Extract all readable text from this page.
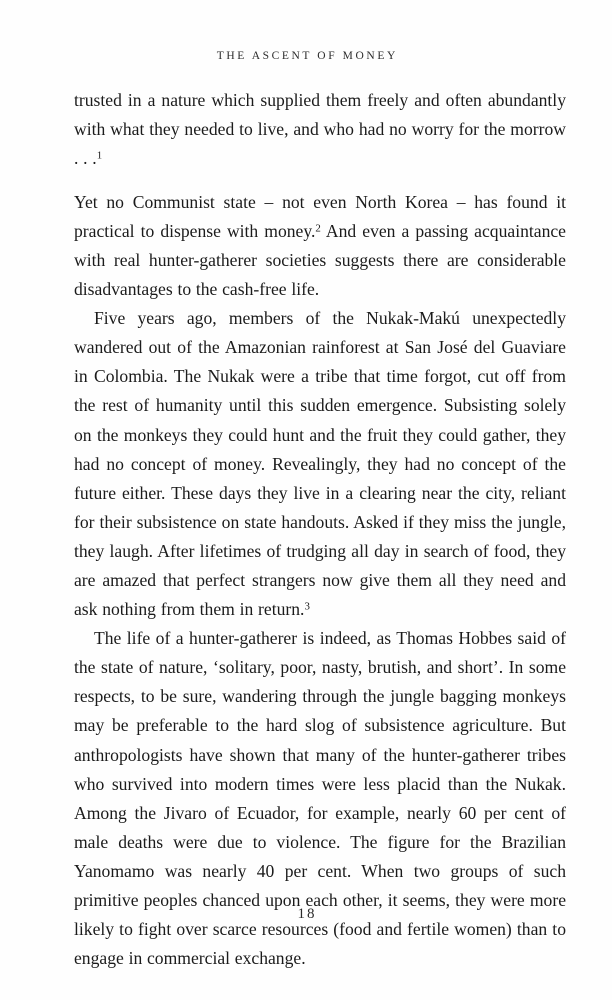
THE ASCENT OF MONEY

trusted in a nature which supplied them freely and often abundantly with what they needed to live, and who had no worry for the morrow . . .$^1$

Yet no Communist state – not even North Korea – has found it practical to dispense with money.$^2$ And even a passing acquaintance with real hunter-gatherer societies suggests there are considerable disadvantages to the cash-free life.

Five years ago, members of the Nukak-Makú unexpectedly wandered out of the Amazonian rainforest at San José del Guaviare in Colombia. The Nukak were a tribe that time forgot, cut off from the rest of humanity until this sudden emergence. Subsisting solely on the monkeys they could hunt and the fruit they could gather, they had no concept of money. Revealingly, they had no concept of the future either. These days they live in a clearing near the city, reliant for their subsistence on state handouts. Asked if they miss the jungle, they laugh. After lifetimes of trudging all day in search of food, they are amazed that perfect strangers now give them all they need and ask nothing from them in return.$^3$

The life of a hunter-gatherer is indeed, as Thomas Hobbes said of the state of nature, ‘solitary, poor, nasty, brutish, and short’. In some respects, to be sure, wandering through the jungle bagging monkeys may be preferable to the hard slog of subsistence agriculture. But anthropologists have shown that many of the hunter-gatherer tribes who survived into modern times were less placid than the Nukak. Among the Jivaro of Ecuador, for example, nearly 60 per cent of male deaths were due to violence. The figure for the Brazilian Yanomamo was nearly 40 per cent. When two groups of such primitive peoples chanced upon each other, it seems, they were more likely to fight over scarce resources (food and fertile women) than to engage in commercial exchange.

18
